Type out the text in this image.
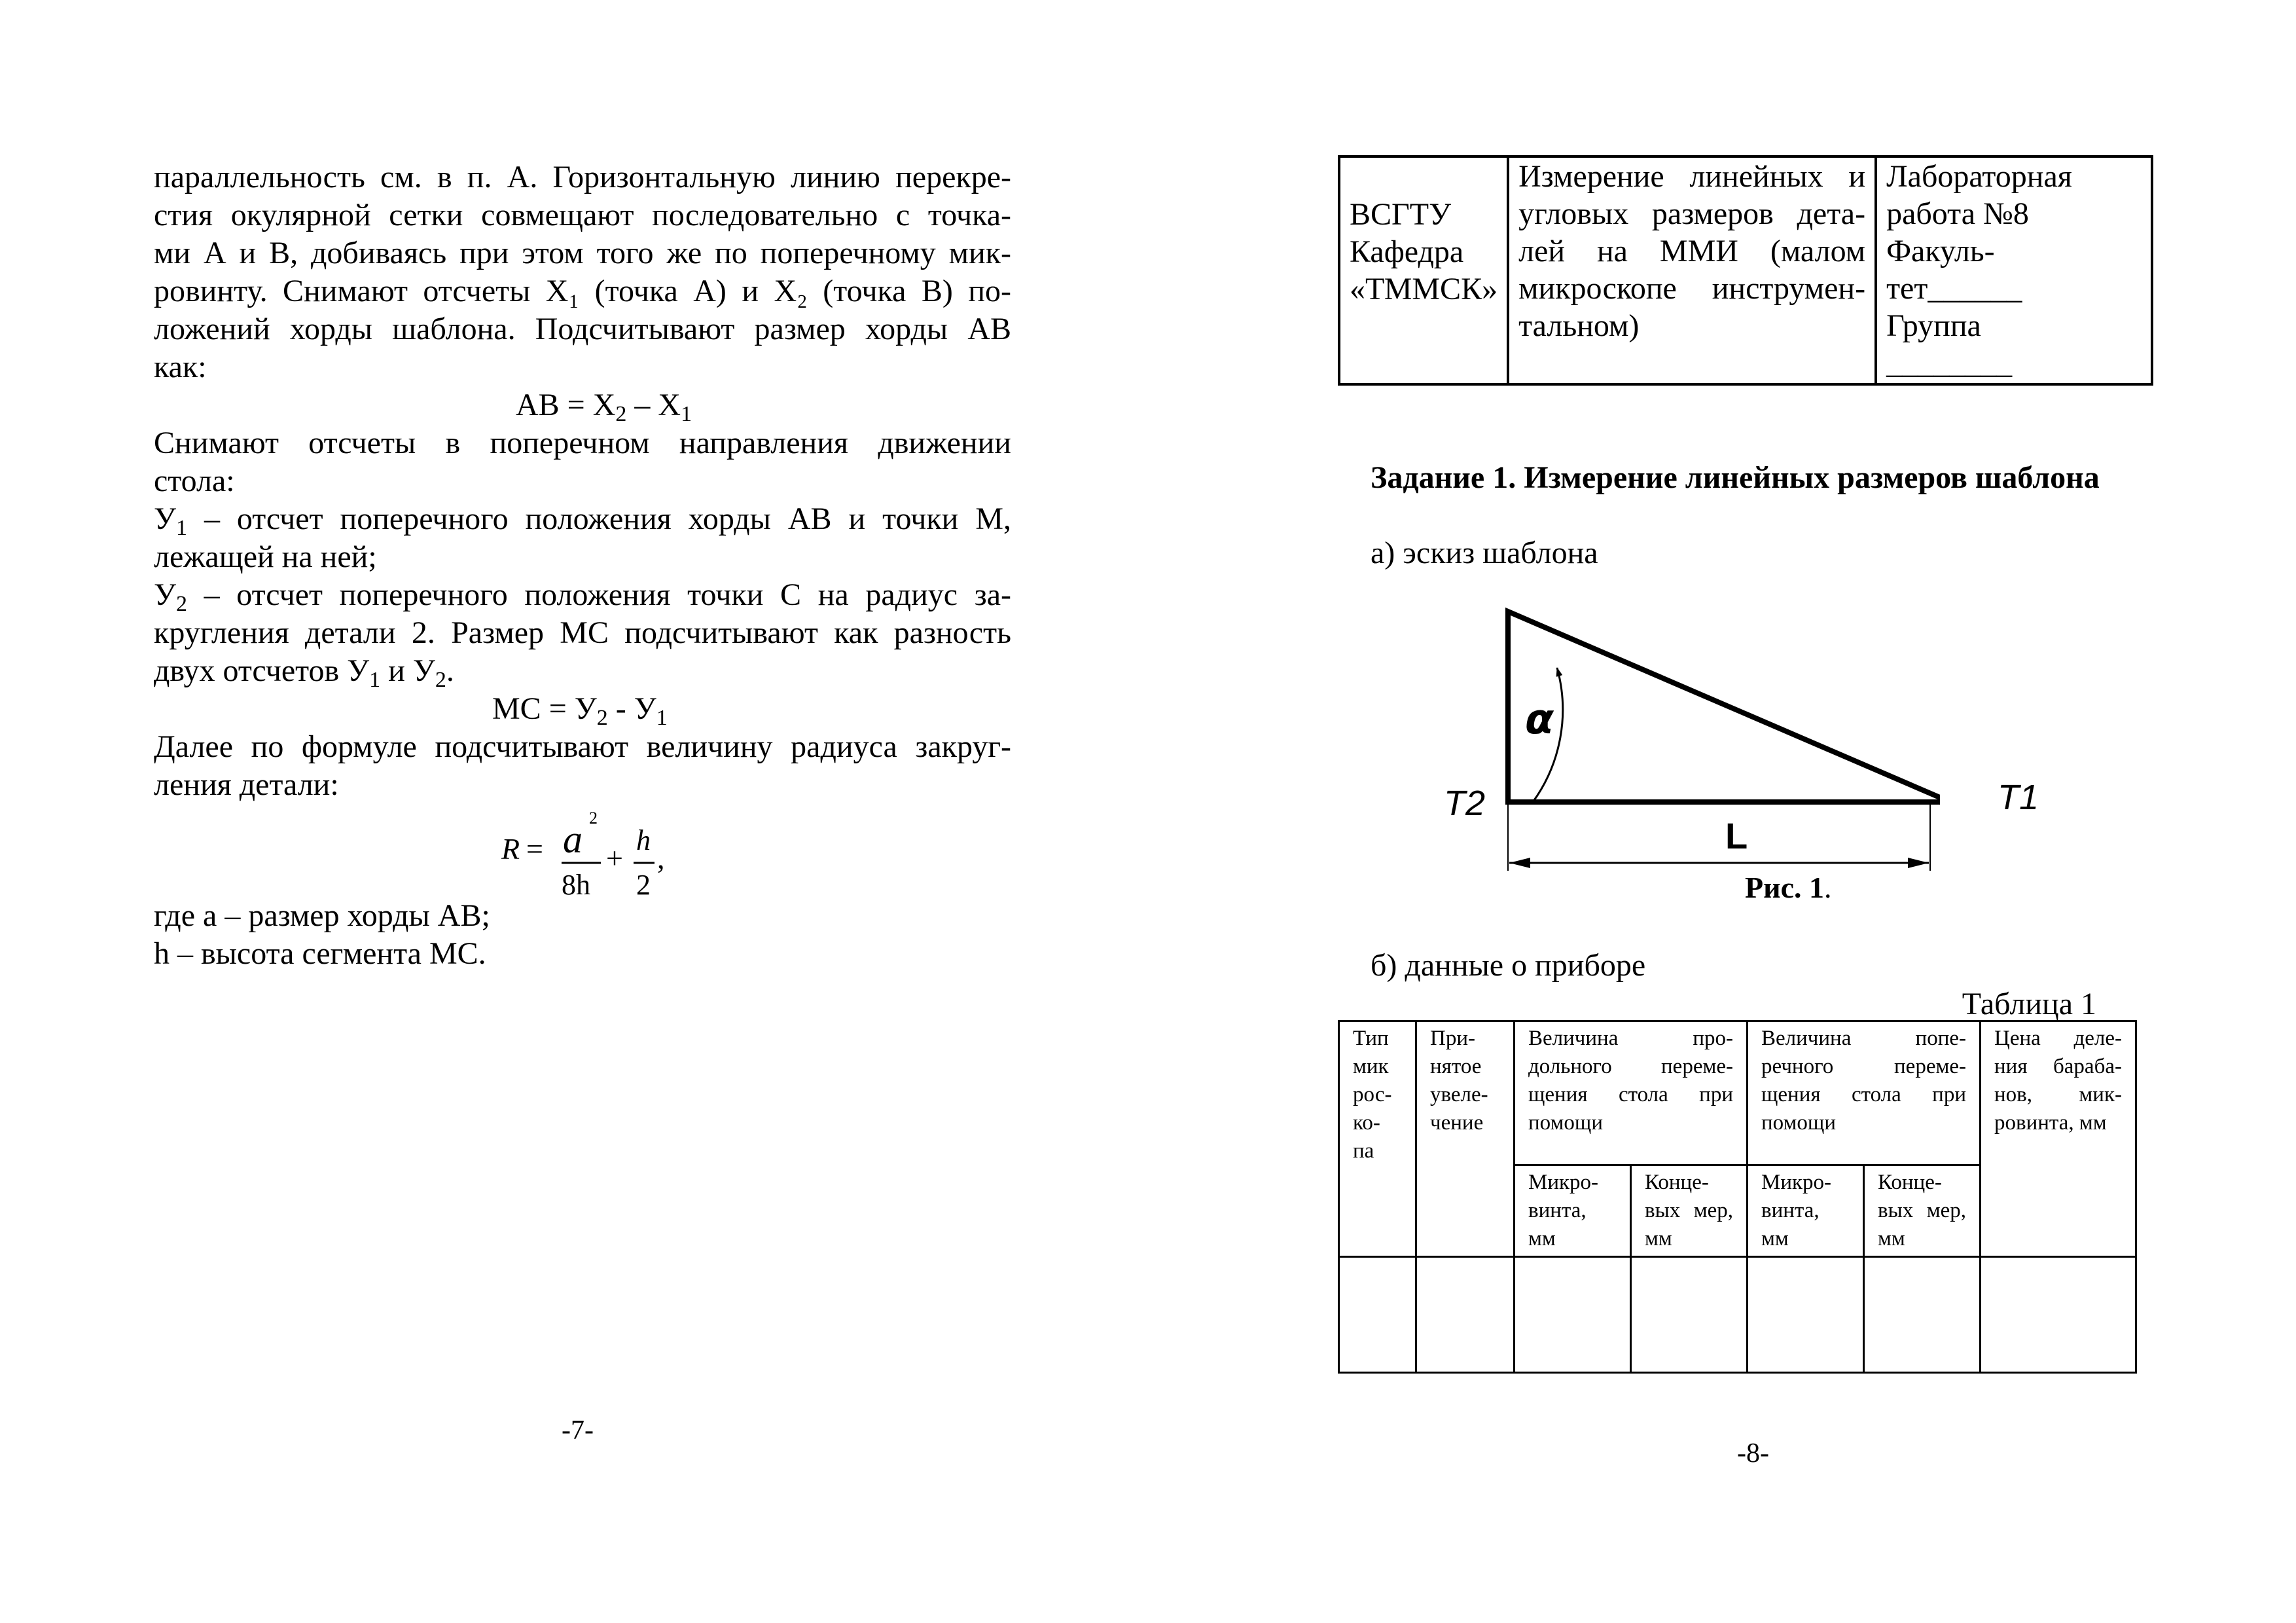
параллельность см. в п. А. Горизонтальную линию перекре-
стия окулярной сетки совмещают последовательно с точка-
ми А и В, добиваясь при этом того же по поперечному мик-
ровинту. Снимают отсчеты X₁ (точка А) и X₂ (точка В) по-
ложений хорды шаблона. Подсчитывают размер хорды АВ
как:
АВ = $X_2 - X_1$
Снимают отсчеты в поперечном направления движении
стола:
$У_1$ – отсчет поперечного положения хорды АВ и точки М,
лежащей на ней;
$У_2$ – отсчет поперечного положения точки С на радиус за-
кругления детали 2. Размер МС подсчитывают как разность
двух отсчетов $У_1$ и $У_2$.
МС = $У_2 - У_1$
Далее по формуле подсчитывают величину радиуса закруг-
ления детали:
R =
2
a
8h
+
h
2
,
где а – размер хорды АВ;
h – высота сегмента МС.
-7-
ВСГТУ
Кафедра
«ТММСК»

Измерение линейных и
угловых размеров дета-
лей на ММИ (малом
микроскопе инструмен-
тальном)

Лабораторная
работа №8
Факуль-
тет______
Группа
________
Задание 1. Измерение линейных размеров шаблона
а) эскиз шаблона
α
T2
L
T1
Рис. 1.
б) данные о приборе
Таблица 1
Тип мик рос- ко- па	При- нятое увеле- чение	Величина про- дольного переме- щения стола при помощи		Величина попе- речного переме- щения стола при помощи		Цена деле- ния бараба- нов, мик- ровинта, мм
		Микро- винта, мм	Конце- вых мер, мм	Микро- винта, мм	Конце- вых мер, мм	

-8-
